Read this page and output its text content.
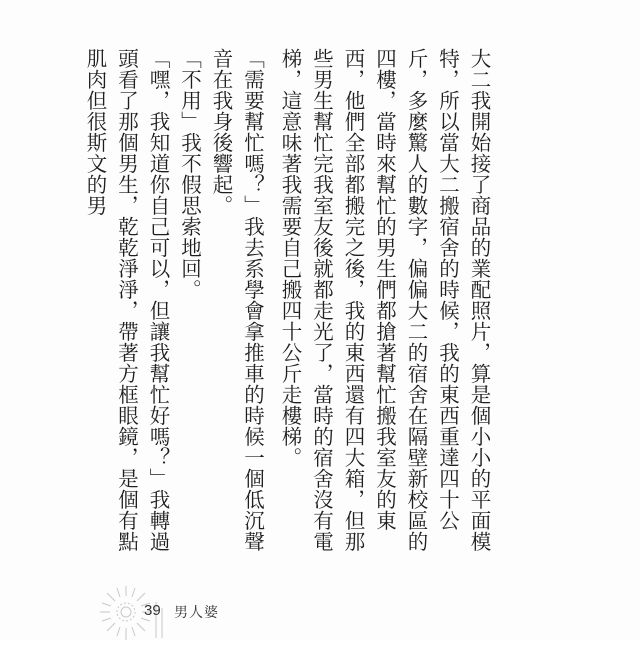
大二我開始接了商品的業配照片，算是個小小的平面模特，所以當大二搬宿舍的時候，我的東西重達四十公斤，多麼驚人的數字，偏偏大二的宿舍在隔壁新校區的四樓，當時來幫忙的男生們都搶著幫忙搬我室友的東西，他們全部都搬完之後，我的東西還有四大箱，但那些男生幫忙完我室友後就都走光了，當時的宿舍沒有電梯，這意味著我需要自己搬四十公斤走樓梯。

「需要幫忙嗎？」我去系學會拿推車的時候一個低沉聲音在我身後響起。

「不用」我不假思索地回。

「嘿，我知道你自己可以，但讓我幫忙好嗎？」我轉過頭看了那個男生，乾乾淨淨，帶著方框眼鏡，是個有點肌肉但很斯文的男

39 男人婆
